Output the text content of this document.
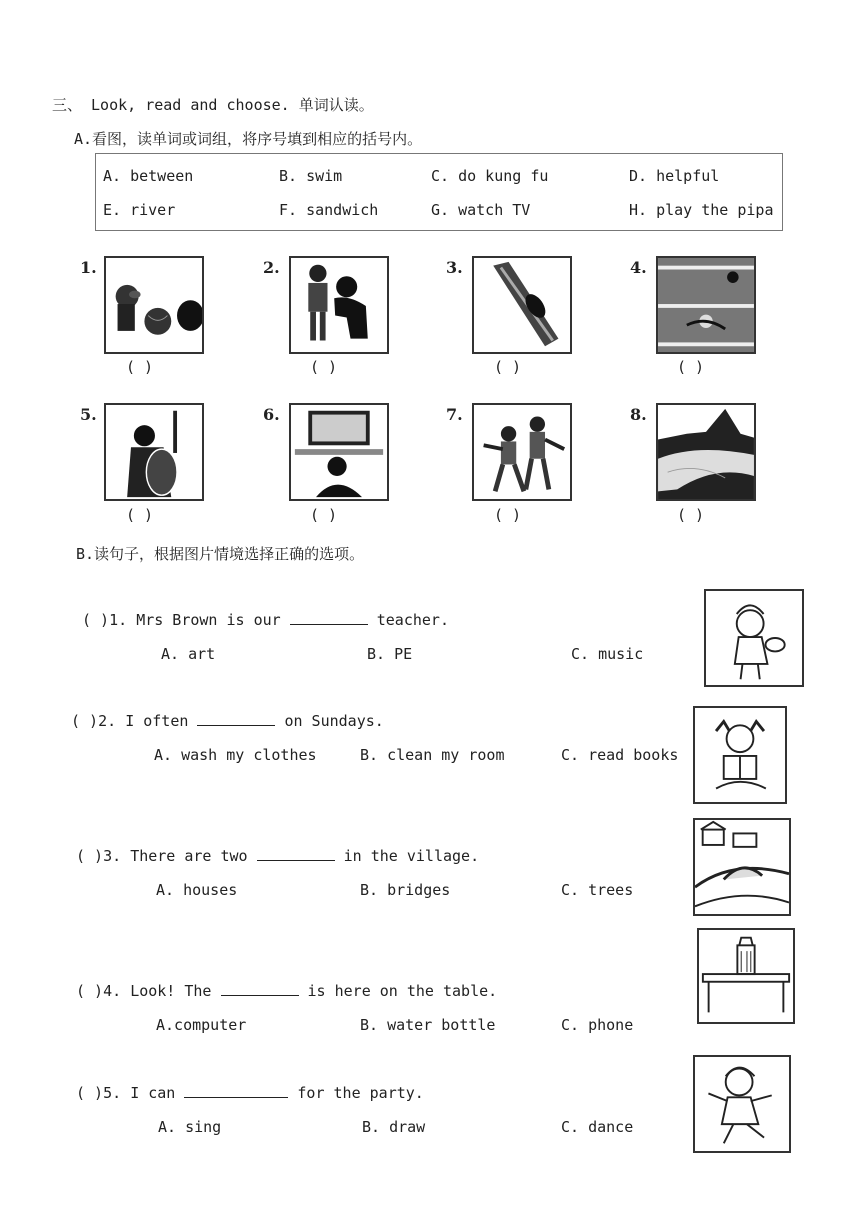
三、 Look, read and choose. 单词认读。
A.看图，读单词或词组，将序号填到相应的括号内。
A. between	B. swim	C. do kung fu	D. helpful
E. river	F. sandwich	G. watch TV	H. play the pipa
1.
( )
2.
( )
3.
( )
4.
( )
5.
( )
6.
( )
7.
( )
8.
( )
B.读句子，根据图片情境选择正确的选项。
( )1. Mrs Brown is our	teacher.
A. art	B. PE	C. music
( )2. I often	on Sundays.
A. wash my clothes	B. clean my room	C. read books
( )3. There are two	in the village.
A. houses	B. bridges	C. trees
( )4. Look! The	is here on the table.
A.computer	B. water bottle	C. phone
( )5. I can	for the party.
A. sing	B. draw	C. dance
